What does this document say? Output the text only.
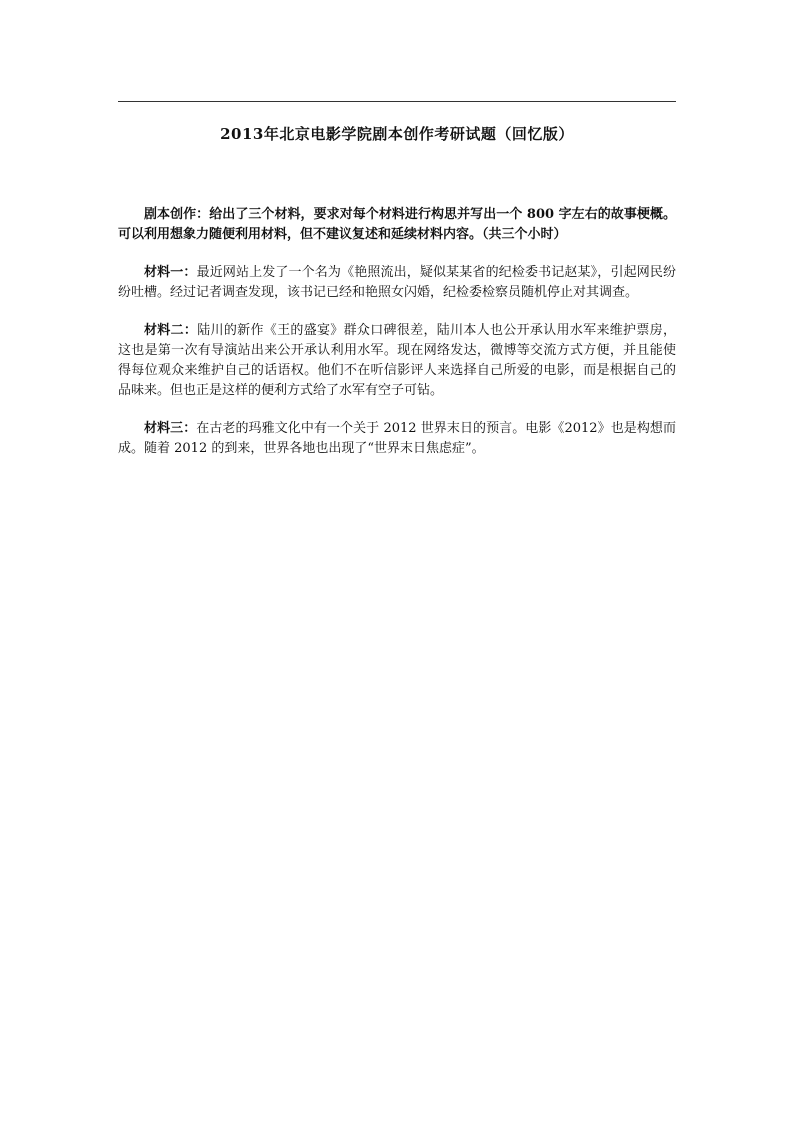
2013年北京电影学院剧本创作考研试题（回忆版）

剧本创作：给出了三个材料，要求对每个材料进行构思并写出一个 800 字左右的故事梗概。可以利用想象力随便利用材料，但不建议复述和延续材料内容。（共三个小时）

材料一：最近网站上发了一个名为《艳照流出，疑似某某省的纪检委书记赵某》，引起网民纷纷吐槽。经过记者调查发现，该书记已经和艳照女闪婚，纪检委检察员随机停止对其调查。

材料二：陆川的新作《王的盛宴》群众口碑很差，陆川本人也公开承认用水军来维护票房，这也是第一次有导演站出来公开承认利用水军。现在网络发达，微博等交流方式方便，并且能使得每位观众来维护自己的话语权。他们不在听信影评人来选择自己所爱的电影，而是根据自己的品味来。但也正是这样的便利方式给了水军有空子可钻。

材料三：在古老的玛雅文化中有一个关于 2012 世界末日的预言。电影《2012》也是构想而成。随着 2012 的到来，世界各地也出现了“世界末日焦虑症”。
